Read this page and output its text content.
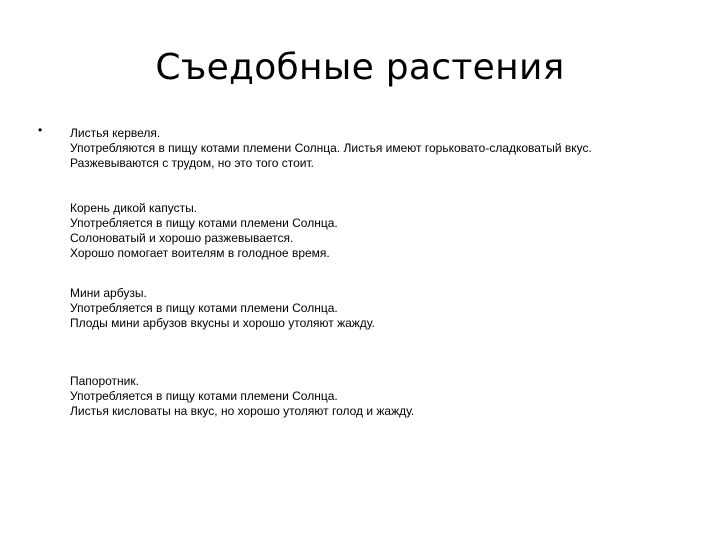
Съедобные растения
• Листья кервеля.
Употребляются в пищу котами племени Солнца. Листья имеют горьковато-сладковатый вкус.
Разжевываются с трудом, но это того стоит.
Корень дикой капусты.
Употребляется в пищу котами племени Солнца.
Солоноватый и хорошо разжевывается.
Хорошо помогает воителям в голодное время.
Мини арбузы.
Употребляется в пищу котами племени Солнца.
Плоды мини арбузов вкусны и хорошо утоляют жажду.
Папоротник.
Употребляется в пищу котами племени Солнца.
Листья кисловаты на вкус, но хорошо утоляют голод и жажду.
